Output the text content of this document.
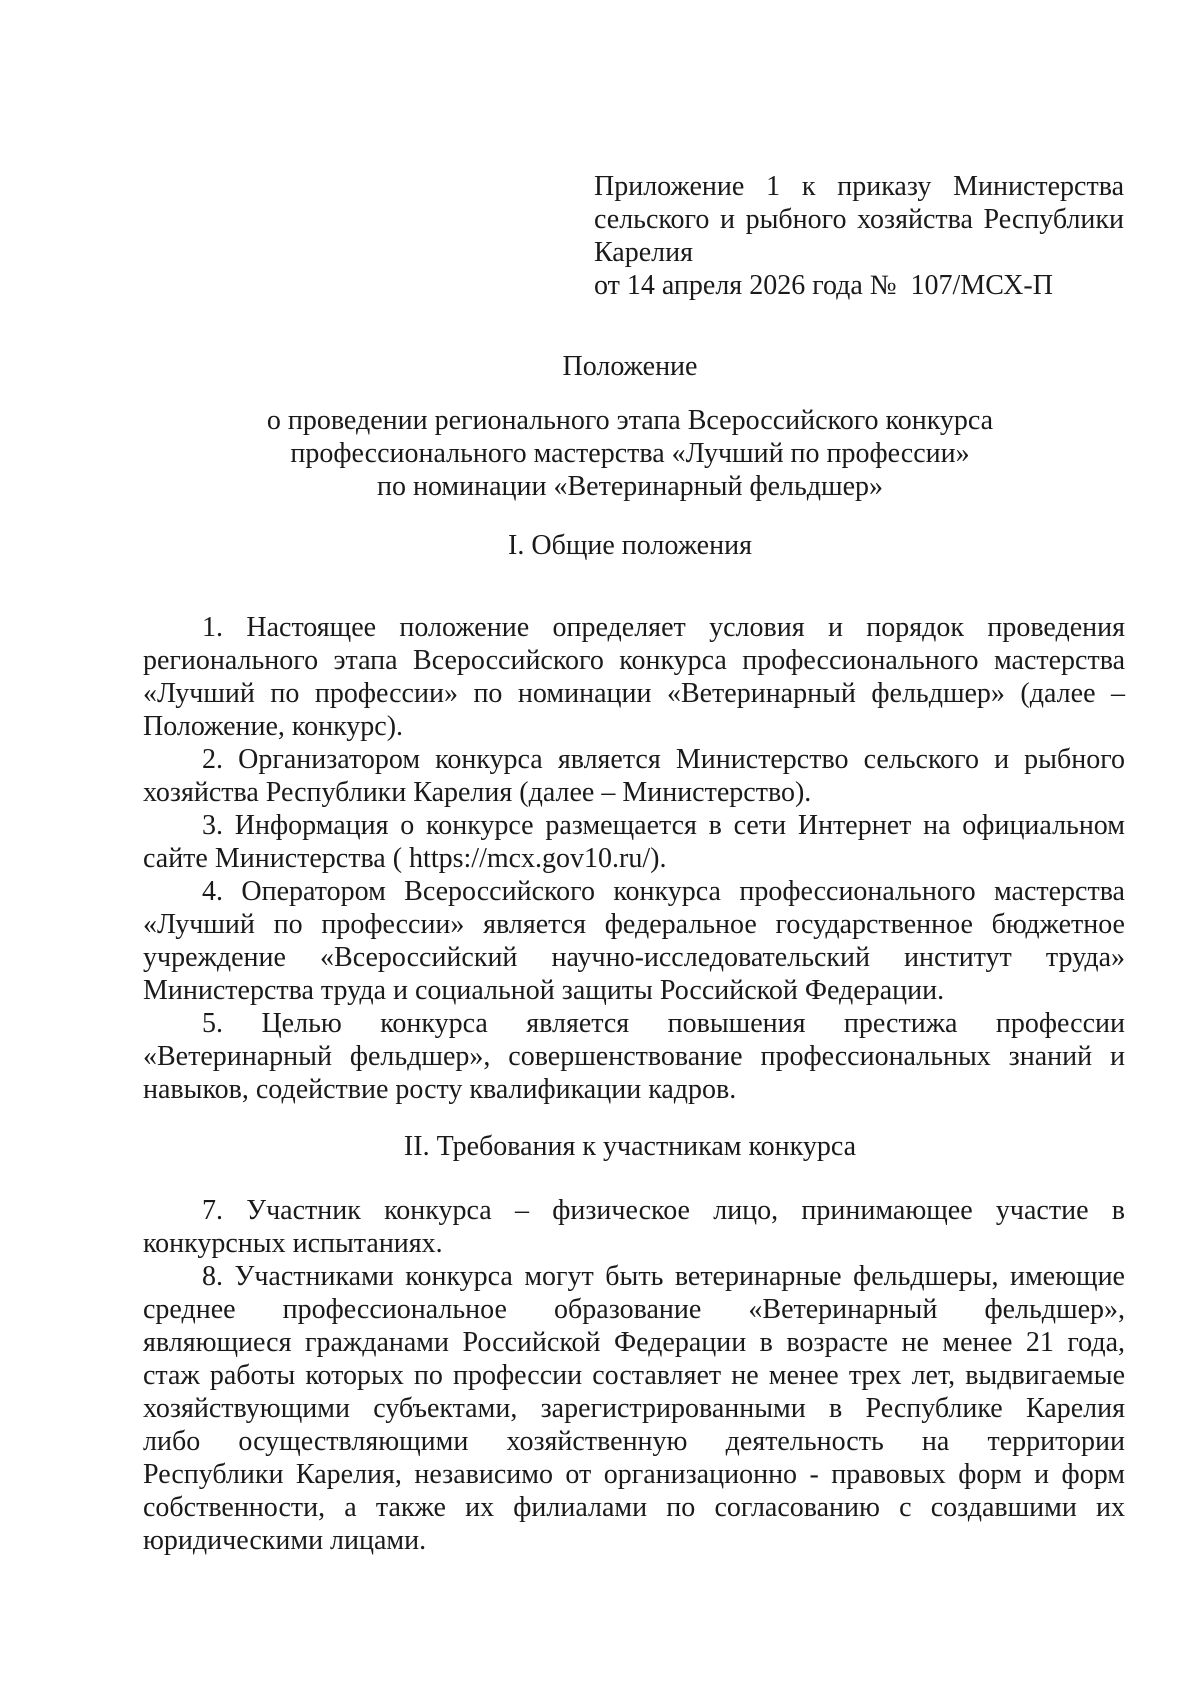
Приложение 1 к приказу Министерства
сельского и рыбного хозяйства Республики
Карелия
от 14 апреля 2026 года №  107/МСХ-П
Положение
о проведении регионального этапа Всероссийского конкурса
профессионального мастерства «Лучший по профессии»
по номинации «Ветеринарный фельдшер»
I. Общие положения
1. Настоящее положение определяет условия и порядок проведения
регионального этапа Всероссийского конкурса профессионального мастерства
«Лучший по профессии» по номинации «Ветеринарный фельдшер» (далее –
Положение, конкурс).
2. Организатором конкурса является Министерство сельского и рыбного
хозяйства Республики Карелия (далее – Министерство).
3. Информация о конкурсе размещается в сети Интернет на официальном
сайте Министерства ( https://mcx.gov10.ru/).
4. Оператором Всероссийского конкурса профессионального мастерства
«Лучший по профессии» является федеральное государственное бюджетное
учреждение «Всероссийский научно-исследовательский институт труда»
Министерства труда и социальной защиты Российской Федерации.
5. Целью конкурса является повышения престижа профессии
«Ветеринарный фельдшер», совершенствование профессиональных знаний и
навыков, содействие росту квалификации кадров.
II. Требования к участникам конкурса
7. Участник конкурса – физическое лицо, принимающее участие в
конкурсных испытаниях.
8. Участниками конкурса могут быть ветеринарные фельдшеры, имеющие
среднее профессиональное образование «Ветеринарный фельдшер»,
являющиеся гражданами Российской Федерации в возрасте не менее 21 года,
стаж работы которых по профессии составляет не менее трех лет, выдвигаемые
хозяйствующими субъектами, зарегистрированными в Республике Карелия
либо осуществляющими хозяйственную деятельность на территории
Республики Карелия, независимо от организационно - правовых форм и форм
собственности, а также их филиалами по согласованию с создавшими их
юридическими лицами.
